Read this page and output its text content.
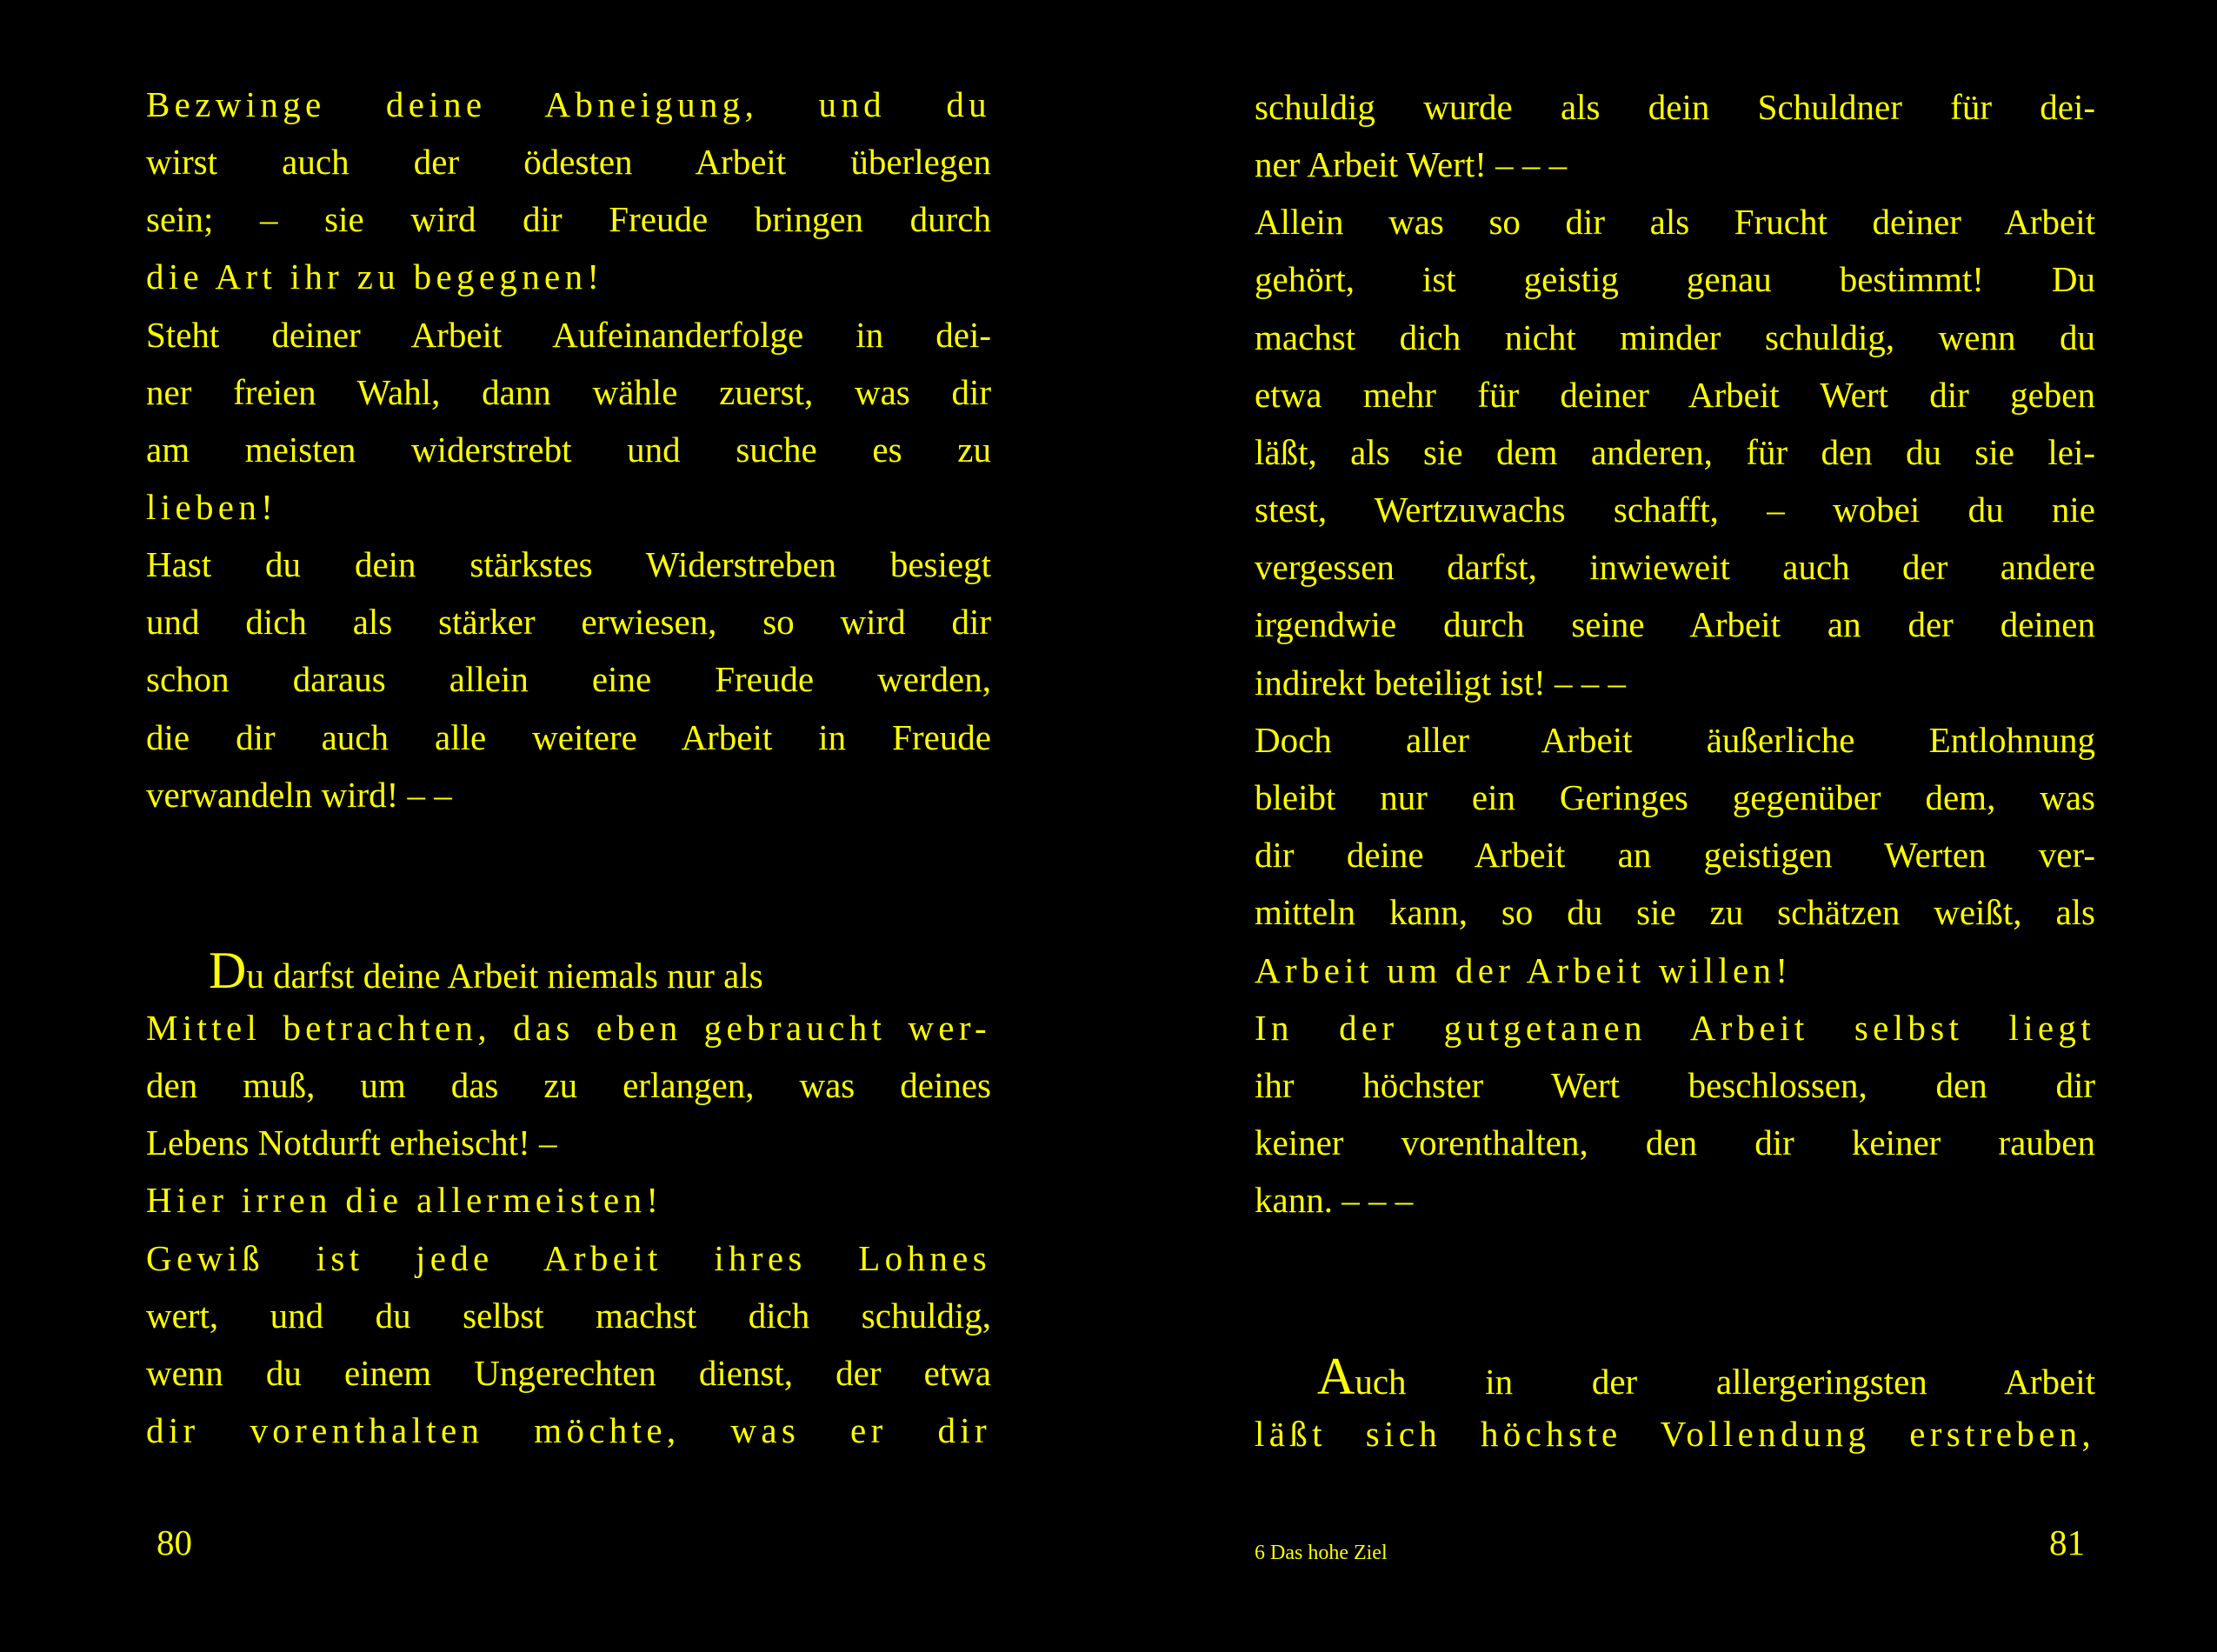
Bezwinge deine Abneigung, und du
wirst auch der ödesten Arbeit überlegen
sein; – sie wird dir Freude bringen durch
die Art ihr zu begegnen!
Steht deiner Arbeit Aufeinanderfolge in dei-
ner freien Wahl, dann wähle zuerst, was dir
am meisten widerstrebt und suche es zu
lieben!
Hast du dein stärkstes Widerstreben besiegt
und dich als stärker erwiesen, so wird dir
schon daraus allein eine Freude werden,
die dir auch alle weitere Arbeit in Freude
verwandeln wird! – –
Du darfst deine Arbeit niemals nur als
Mittel betrachten, das eben gebraucht wer-
den muß, um das zu erlangen, was deines
Lebens Notdurft erheischt! –
Hier irren die allermeisten!
Gewiß ist jede Arbeit ihres Lohnes
wert, und du selbst machst dich schuldig,
wenn du einem Ungerechten dienst, der etwa
dir vorenthalten möchte, was er dir
80
schuldig wurde als dein Schuldner für dei-
ner Arbeit Wert! – – –
Allein was so dir als Frucht deiner Arbeit
gehört, ist geistig genau bestimmt! Du
machst dich nicht minder schuldig, wenn du
etwa mehr für deiner Arbeit Wert dir geben
läßt, als sie dem anderen, für den du sie lei-
stest, Wertzuwachs schafft, – wobei du nie
vergessen darfst, inwieweit auch der andere
irgendwie durch seine Arbeit an der deinen
indirekt beteiligt ist! – – –
Doch aller Arbeit äußerliche Entlohnung
bleibt nur ein Geringes gegenüber dem, was
dir deine Arbeit an geistigen Werten ver-
mitteln kann, so du sie zu schätzen weißt, als
Arbeit um der Arbeit willen!
In der gutgetanen Arbeit selbst liegt
ihr höchster Wert beschlossen, den dir
keiner vorenthalten, den dir keiner rauben
kann. – – –
Auch in der allergeringsten Arbeit
läßt sich höchste Vollendung erstreben,
6 Das hohe Ziel	81
